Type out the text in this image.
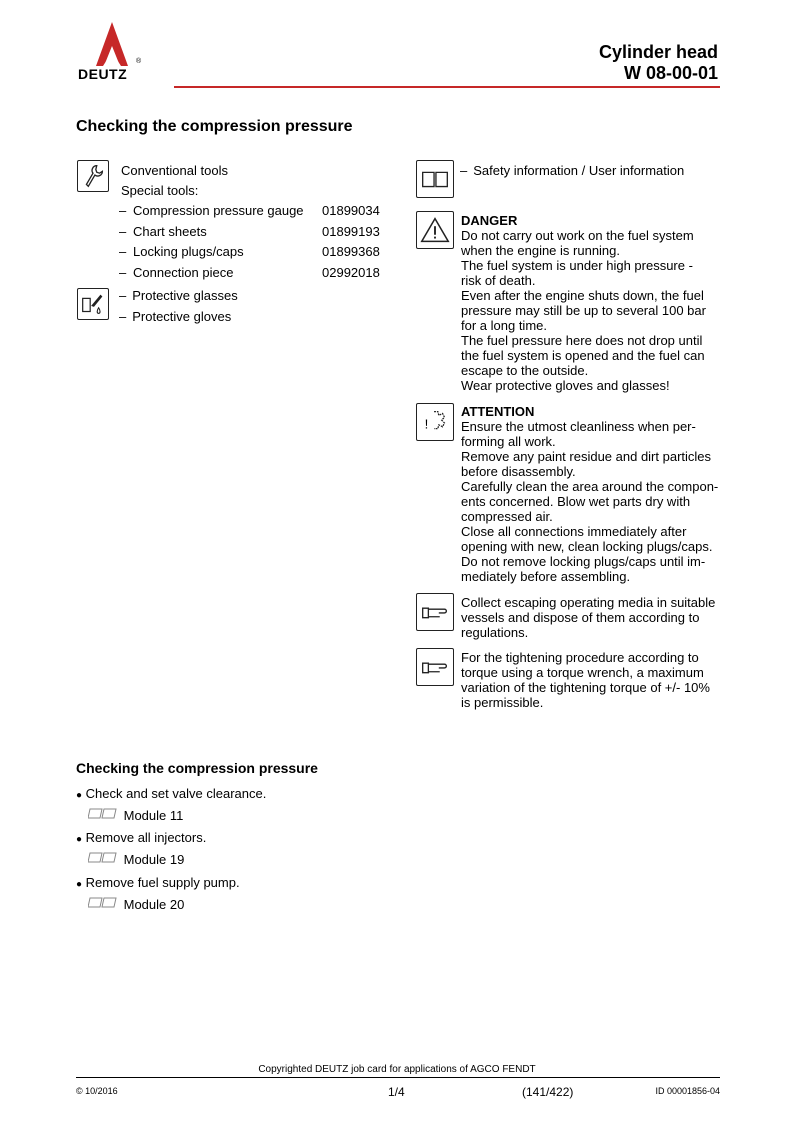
DEUTZ
®	Cylinder head
W 08-00-01
Checking the compression pressure
Conventional tools
Special tools:
– Compression pressure gauge 01899034
– Chart sheets	01899193
– Locking plugs/caps	01899368
– Connection piece	02992018
– Protective glasses
– Protective gloves
– Safety information / User information
DANGER
Do not carry out work on the fuel system
when the engine is running.
The fuel system is under high pressure -
risk of death.
Even after the engine shuts down, the fuel
pressure may still be up to several 100 bar
for a long time.
The fuel pressure here does not drop until
the fuel system is opened and the fuel can
escape to the outside.
Wear protective gloves and glasses!
!
ATTENTION
Ensure the utmost cleanliness when per-
forming all work.
Remove any paint residue and dirt particles
before disassembly.
Carefully clean the area around the compon-
ents concerned. Blow wet parts dry with
compressed air.
Close all connections immediately after
opening with new, clean locking plugs/caps.
Do not remove locking plugs/caps until im-
mediately before assembling.
Collect escaping operating media in suitable
vessels and dispose of them according to
regulations.
For the tightening procedure according to
torque using a torque wrench, a maximum
variation of the tightening torque of +/- 10%
is permissible.
Checking the compression pressure
● Check and set valve clearance.
Module 11
● Remove all injectors.
Module 19
● Remove fuel supply pump.
Module 20
Copyrighted DEUTZ job card for applications of AGCO FENDT
© 10/2016	1/4	(141/422)	ID 00001856-04
